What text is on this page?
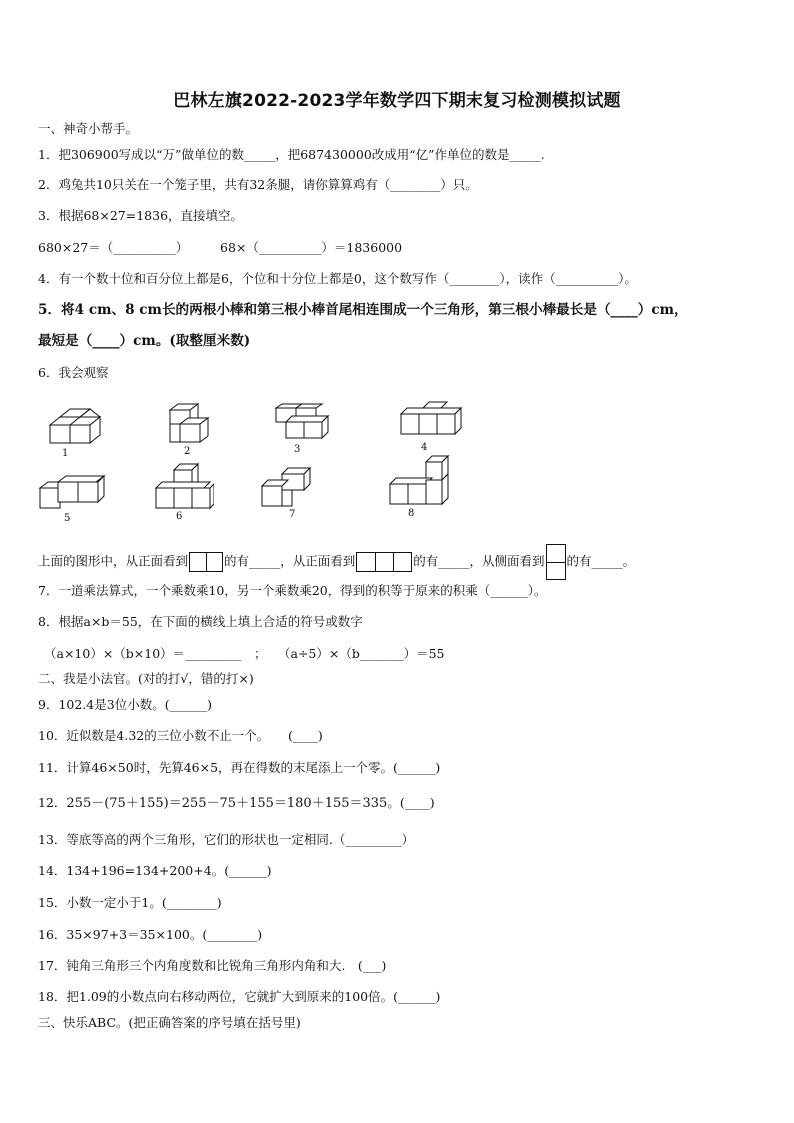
巴林左旗2022-2023学年数学四下期末复习检测模拟试题
一、神奇小帮手。
1．把306900写成以“万”做单位的数_____，把687430000改成用“亿”作单位的数是_____.
2．鸡兔共10只关在一个笼子里，共有32条腿，请你算算鸡有（________）只。
3．根据68×27=1836，直接填空。
680×27＝（__________）	68×（__________）＝1836000
4．有一个数十位和百分位上都是6，个位和十分位上都是0，这个数写作（________），读作（__________）。
5．将4 cm、8 cm长的两根小棒和第三根小棒首尾相连围成一个三角形，第三根小棒最长是（____）cm，
最短是（____）cm。(取整厘米数)
6．我会观察
1	2	3	4
5	6	7	8
上面的图形中，从正面看到	的有_____，从正面看到	的有_____，从侧面看到 的有_____。
7．一道乘法算式，一个乘数乘10，另一个乘数乘20，得到的积等于原来的积乘（______）。
8．根据a×b＝55，在下面的横线上填上合适的符号或数字
（a×10）×（b×10）＝_________ ； （a÷5）×（b_______）＝55
二、我是小法官。(对的打√，错的打×)
9．102.4是3位小数。(______)
10．近似数是4.32的三位小数不止一个。　　(____)
11．计算46×50时，先算46×5，再在得数的末尾添上一个零。(______)
12．255－(75＋155)＝255－75＋155＝180＋155＝335。(____)
13．等底等高的两个三角形，它们的形状也一定相同.（_________）
14．134+196=134+200+4。(______)
15．小数一定小于1。(________)
16．35×97+3＝35×100。(________)
17．钝角三角形三个内角度数和比锐角三角形内角和大.　(___)
18．把1.09的小数点向右移动两位，它就扩大到原来的100倍。(______)
三、快乐ABC。(把正确答案的序号填在括号里)
